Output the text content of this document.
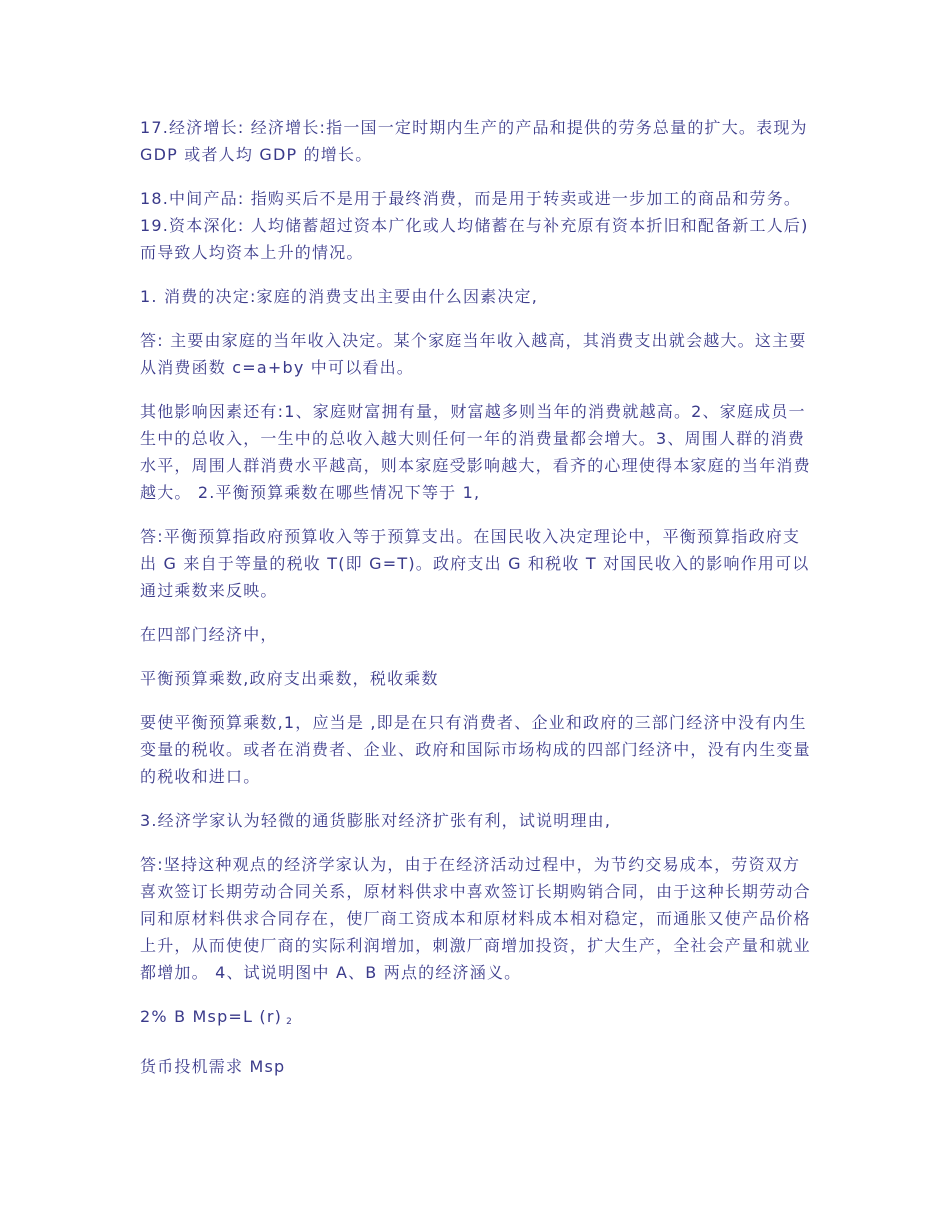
17.经济增长: 经济增长:指一国一定时期内生产的产品和提供的劳务总量的扩大。表现为 GDP 或者人均 GDP 的增长。

18.中间产品: 指购买后不是用于最终消费，而是用于转卖或进一步加工的商品和劳务。 19.资本深化: 人均储蓄超过资本广化或人均储蓄在与补充原有资本折旧和配备新工人后)而导致人均资本上升的情况。

1. 消费的决定:家庭的消费支出主要由什么因素决定,

答: 主要由家庭的当年收入决定。某个家庭当年收入越高，其消费支出就会越大。这主要从消费函数 c=a+by 中可以看出。

其他影响因素还有:1、家庭财富拥有量，财富越多则当年的消费就越高。2、家庭成员一生中的总收入，一生中的总收入越大则任何一年的消费量都会增大。3、周围人群的消费水平，周围人群消费水平越高，则本家庭受影响越大，看齐的心理使得本家庭的当年消费越大。 2.平衡预算乘数在哪些情况下等于 1,

答:平衡预算指政府预算收入等于预算支出。在国民收入决定理论中，平衡预算指政府支出 G 来自于等量的税收 T(即 G=T)。政府支出 G 和税收 T 对国民收入的影响作用可以通过乘数来反映。

在四部门经济中，

平衡预算乘数,政府支出乘数，税收乘数

要使平衡预算乘数,1，应当是 ,即是在只有消费者、企业和政府的三部门经济中没有内生变量的税收。或者在消费者、企业、政府和国际市场构成的四部门经济中，没有内生变量的税收和进口。

3.经济学家认为轻微的通货膨胀对经济扩张有利，试说明理由,

答:坚持这种观点的经济学家认为，由于在经济活动过程中，为节约交易成本，劳资双方喜欢签订长期劳动合同关系，原材料供求中喜欢签订长期购销合同，由于这种长期劳动合同和原材料供求合同存在，使厂商工资成本和原材料成本相对稳定，而通胀又使产品价格上升，从而使使厂商的实际利润增加，刺激厂商增加投资，扩大生产，全社会产量和就业都增加。 4、试说明图中 A、B 两点的经济涵义。

2% B Msp=L (r) $_2$

货币投机需求 Msp
